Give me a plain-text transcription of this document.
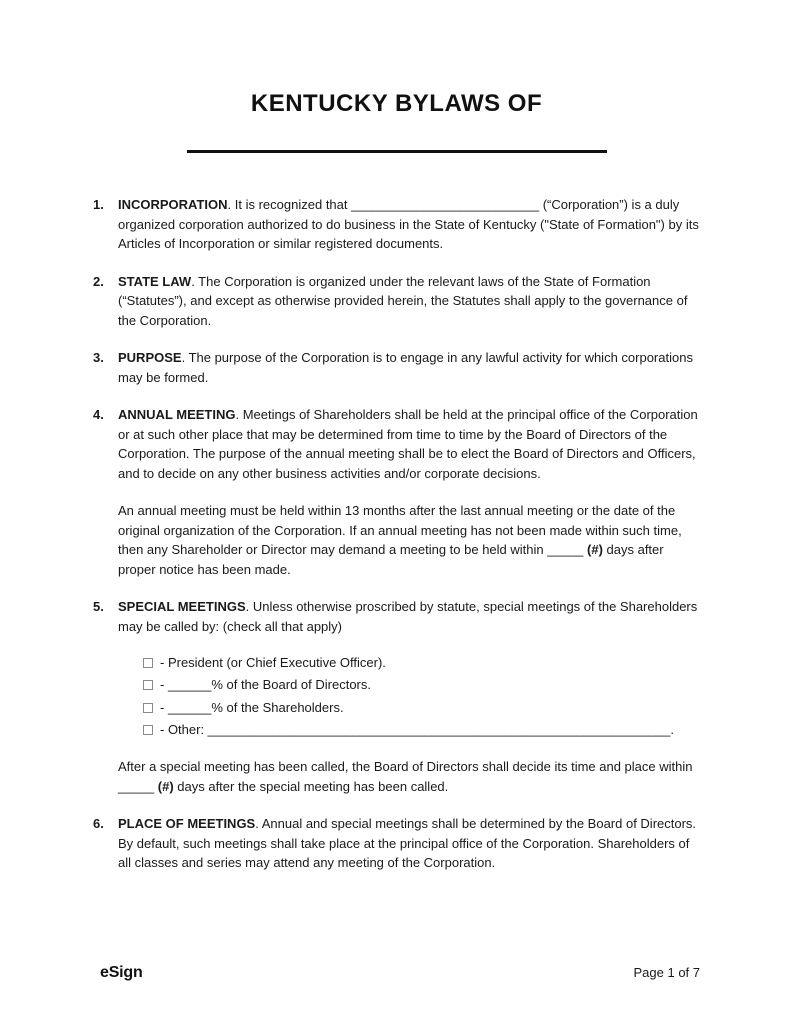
KENTUCKY BYLAWS OF
1.	INCORPORATION. It is recognized that __________________________ (“Corporation”) is a duly organized corporation authorized to do business in the State of Kentucky ("State of Formation") by its Articles of Incorporation or similar registered documents.

2.	STATE LAW. The Corporation is organized under the relevant laws of the State of Formation (“Statutes”), and except as otherwise provided herein, the Statutes shall apply to the governance of the Corporation.

3.	PURPOSE. The purpose of the Corporation is to engage in any lawful activity for which corporations may be formed.

4.	ANNUAL MEETING. Meetings of Shareholders shall be held at the principal office of the Corporation or at such other place that may be determined from time to time by the Board of Directors of the Corporation. The purpose of the annual meeting shall be to elect the Board of Directors and Officers, and to decide on any other business activities and/or corporate decisions.

An annual meeting must be held within 13 months after the last annual meeting or the date of the original organization of the Corporation. If an annual meeting has not been made within such time, then any Shareholder or Director may demand a meeting to be held within _____ (#) days after proper notice has been made.

5.	SPECIAL MEETINGS. Unless otherwise proscribed by statute, special meetings of the Shareholders may be called by: (check all that apply)

- President (or Chief Executive Officer).
- ______% of the Board of Directors.
- ______% of the Shareholders.
- Other: ________________________________________________________________.

After a special meeting has been called, the Board of Directors shall decide its time and place within _____ (#) days after the special meeting has been called.

6.	PLACE OF MEETINGS. Annual and special meetings shall be determined by the Board of Directors. By default, such meetings shall take place at the principal office of the Corporation. Shareholders of all classes and series may attend any meeting of the Corporation.

eSign	Page 1 of 7
